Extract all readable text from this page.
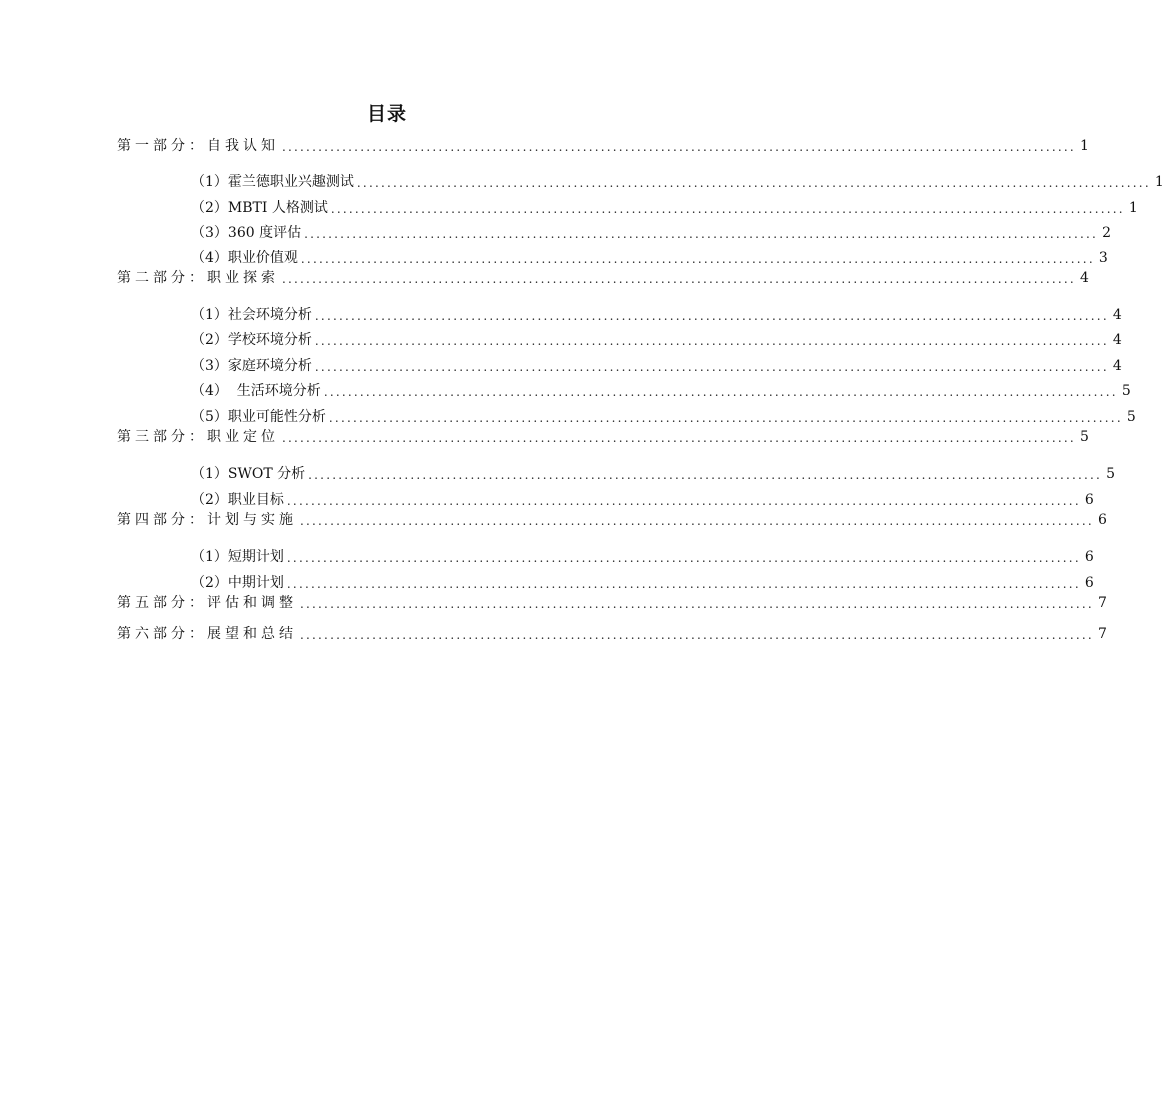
目录
第一部分：自我认知 .................................................................................................................................... 1
（1）霍兰德职业兴趣测试 .................................................................................................................................... 1
（2）MBTI 人格测试 .................................................................................................................................... 1
（3）360 度评估 .................................................................................................................................... 2
（4）职业价值观 .................................................................................................................................... 3
第二部分：职业探索 .................................................................................................................................... 4
（1）社会环境分析 .................................................................................................................................... 4
（2）学校环境分析 .................................................................................................................................... 4
（3）家庭环境分析 .................................................................................................................................... 4
（4）  生活环境分析 .................................................................................................................................... 5
（5）职业可能性分析 .................................................................................................................................... 5
第三部分：职业定位 .................................................................................................................................... 5
（1）SWOT 分析 .................................................................................................................................... 5
（2）职业目标 .................................................................................................................................... 6
第四部分：计划与实施 .................................................................................................................................... 6
（1）短期计划 .................................................................................................................................... 6
（2）中期计划 .................................................................................................................................... 6
第五部分：评估和调整 .................................................................................................................................... 7
第六部分：展望和总结 .................................................................................................................................... 7
